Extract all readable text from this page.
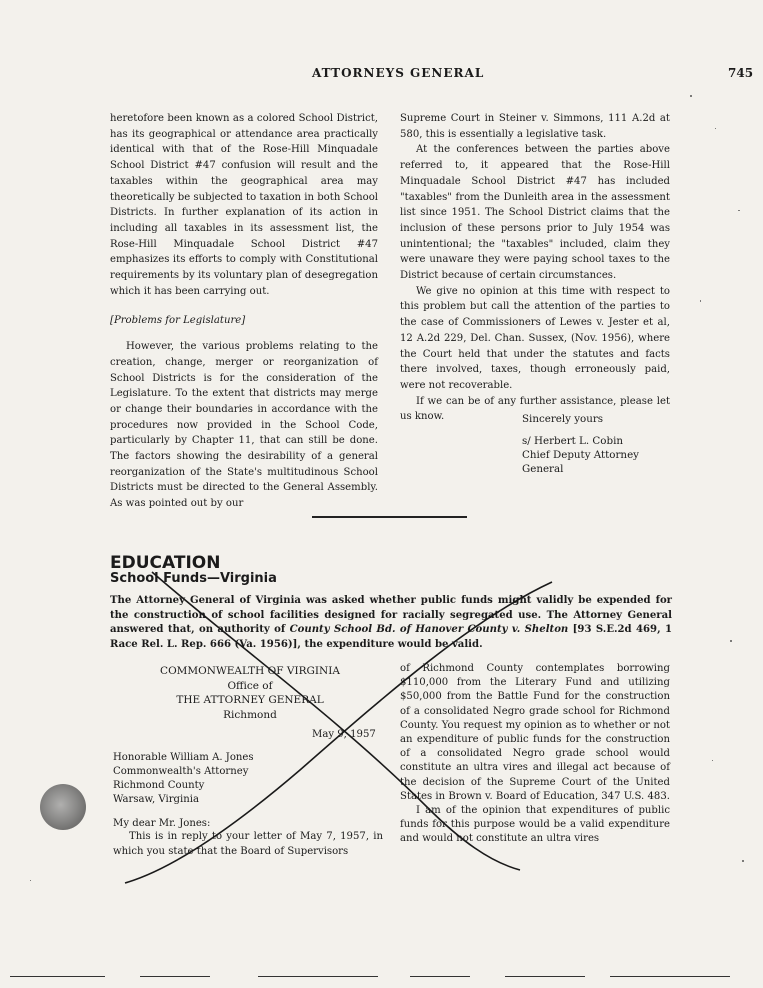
ATTORNEYS GENERAL	745

heretofore been known as a colored School District, has its geographical or attendance area practically identical with that of the Rose-Hill Minquadale School District #47 confusion will result and the taxables within the geographical area may theoretically be subjected to taxation in both School Districts. In further explanation of its action in including all taxables in its assessment list, the Rose-Hill Minquadale School District #47 emphasizes its efforts to comply with Constitutional requirements by its voluntary plan of desegregation which it has been carrying out.

[Problems for Legislature]

However, the various problems relating to the creation, change, merger or reorganization of School Districts is for the consideration of the Legislature. To the extent that districts may merge or change their boundaries in accordance with the procedures now provided in the School Code, particularly by Chapter 11, that can still be done. The factors showing the desirability of a general reorganization of the State's multitudinous School Districts must be directed to the General Assembly. As was pointed out by our

Supreme Court in Steiner v. Simmons, 111 A.2d at 580, this is essentially a legislative task.

At the conferences between the parties above referred to, it appeared that the Rose-Hill Minquadale School District #47 has included "taxables" from the Dunleith area in the assessment list since 1951. The School District claims that the inclusion of these persons prior to July 1954 was unintentional; the "taxables" included, claim they were unaware they were paying school taxes to the District because of certain circumstances.

We give no opinion at this time with respect to this problem but call the attention of the parties to the case of Commissioners of Lewes v. Jester et al, 12 A.2d 229, Del. Chan. Sussex, (Nov. 1956), where the Court held that under the statutes and facts there involved, taxes, though erroneously paid, were not recoverable.

If we can be of any further assistance, please let us know.	Sincerely yours
s/ Herbert L. Cobin
Chief Deputy Attorney
General
EDUCATION
School Funds—Virginia
The Attorney General of Virginia was asked whether public funds might validly be expended for the construction of school facilities designed for racially segregated use. The Attorney General answered that, on authority of County School Bd. of Hanover County v. Shelton [93 S.E.2d 469, 1 Race Rel. L. Rep. 666 (Va. 1956)], the expenditure would be valid.
COMMONWEALTH OF VIRGINIA
Office of
THE ATTORNEY GENERAL
Richmond
May 9, 1957
Honorable William A. Jones
Commonwealth's Attorney
Richmond County
Warsaw, Virginia
My dear Mr. Jones:

This is in reply to your letter of May 7, 1957, in which you state that the Board of Supervisors

of Richmond County contemplates borrowing $110,000 from the Literary Fund and utilizing $50,000 from the Battle Fund for the construction of a consolidated Negro grade school for Richmond County. You request my opinion as to whether or not an expenditure of public funds for the construction of a consolidated Negro grade school would constitute an ultra vires and illegal act because of the decision of the Supreme Court of the United States in Brown v. Board of Education, 347 U.S. 483.

I am of the opinion that expenditures of public funds for this purpose would be a valid expenditure and would not constitute an ultra vires
